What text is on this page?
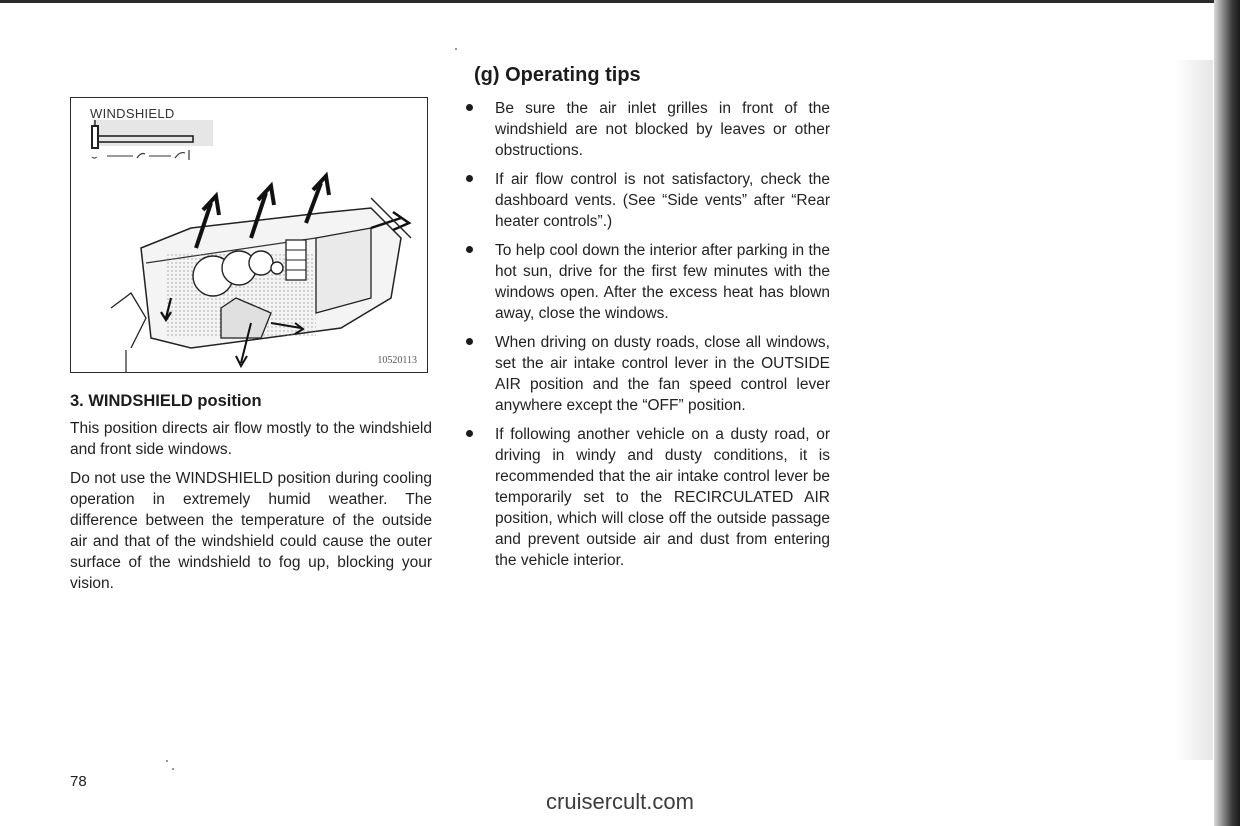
⌣
WINDSHIELD
10520113
3. WINDSHIELD position

This position directs air flow mostly to the windshield and front side windows.

Do not use the WINDSHIELD position during cooling operation in extremely humid weather. The difference between the temperature of the outside air and that of the windshield could cause the outer surface of the windshield to fog up, blocking your vision.

(g) Operating tips
Be sure the air inlet grilles in front of the windshield are not blocked by leaves or other obstructions.
If air flow control is not satisfactory, check the dashboard vents. (See “Side vents” after “Rear heater controls”.)
To help cool down the interior after parking in the hot sun, drive for the first few minutes with the windows open. After the excess heat has blown away, close the windows.
When driving on dusty roads, close all windows, set the air intake control lever in the OUTSIDE AIR position and the fan speed control lever anywhere except the “OFF” position.
If following another vehicle on a dusty road, or driving in windy and dusty conditions, it is recommended that the air intake control lever be temporarily set to the RECIRCULATED AIR position, which will close off the outside passage and prevent outside air and dust from entering the vehicle interior.
78
cruisercult.com
